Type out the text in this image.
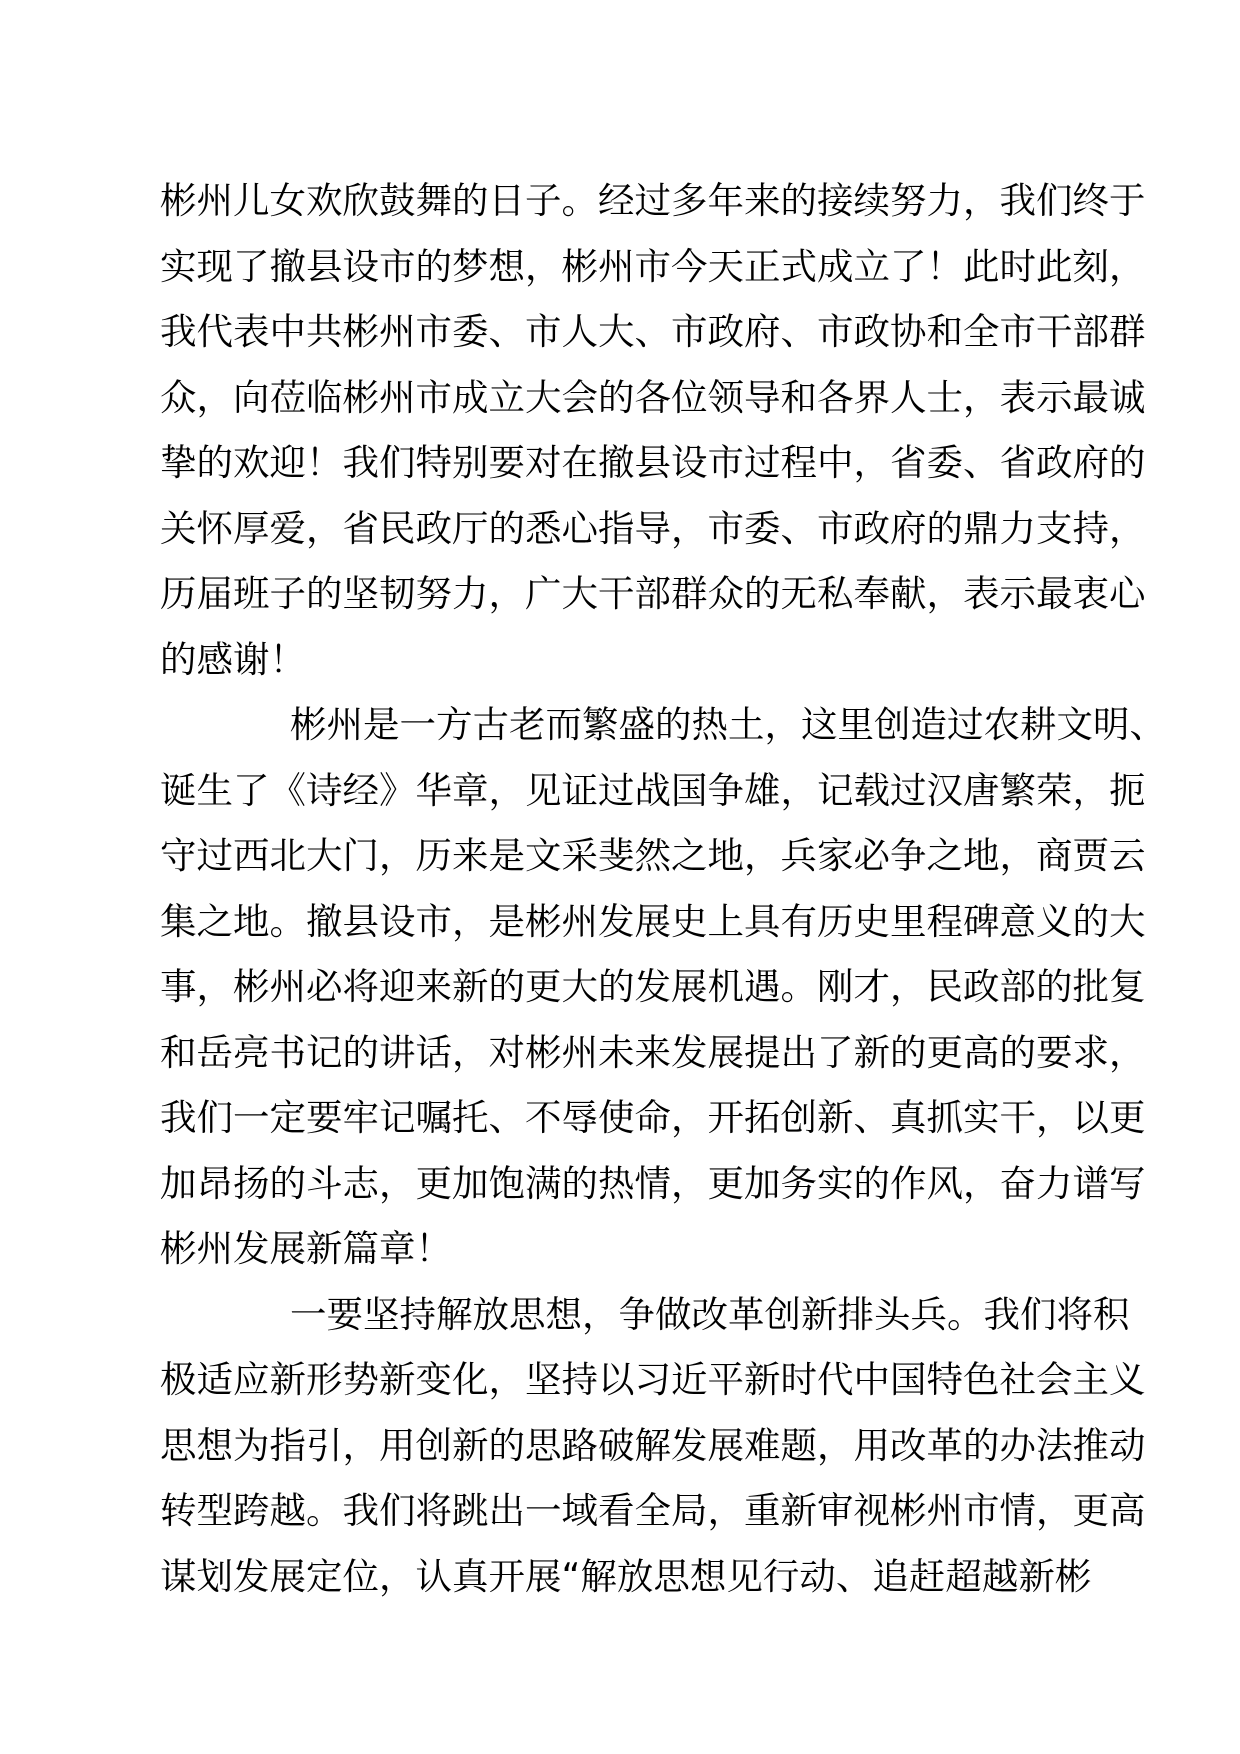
彬州儿女欢欣鼓舞的日子。经过多年来的接续努力，我们终于
实现了撤县设市的梦想，彬州市今天正式成立了！此时此刻，
我代表中共彬州市委、市人大、市政府、市政协和全市干部群
众，向莅临彬州市成立大会的各位领导和各界人士，表示最诚
挚的欢迎！我们特别要对在撤县设市过程中，省委、省政府的
关怀厚爱，省民政厅的悉心指导，市委、市政府的鼎力支持，
历届班子的坚韧努力，广大干部群众的无私奉献，表示最衷心
的感谢！
彬州是一方古老而繁盛的热土，这里创造过农耕文明、
诞生了《诗经》华章，见证过战国争雄，记载过汉唐繁荣，扼
守过西北大门，历来是文采斐然之地，兵家必争之地，商贾云
集之地。撤县设市，是彬州发展史上具有历史里程碑意义的大
事，彬州必将迎来新的更大的发展机遇。刚才，民政部的批复
和岳亮书记的讲话，对彬州未来发展提出了新的更高的要求，
我们一定要牢记嘱托、不辱使命，开拓创新、真抓实干，以更
加昂扬的斗志，更加饱满的热情，更加务实的作风，奋力谱写
彬州发展新篇章！
一要坚持解放思想，争做改革创新排头兵。我们将积
极适应新形势新变化，坚持以习近平新时代中国特色社会主义
思想为指引，用创新的思路破解发展难题，用改革的办法推动
转型跨越。我们将跳出一域看全局，重新审视彬州市情，更高
谋划发展定位，认真开展“解放思想见行动、追赶超越新彬
